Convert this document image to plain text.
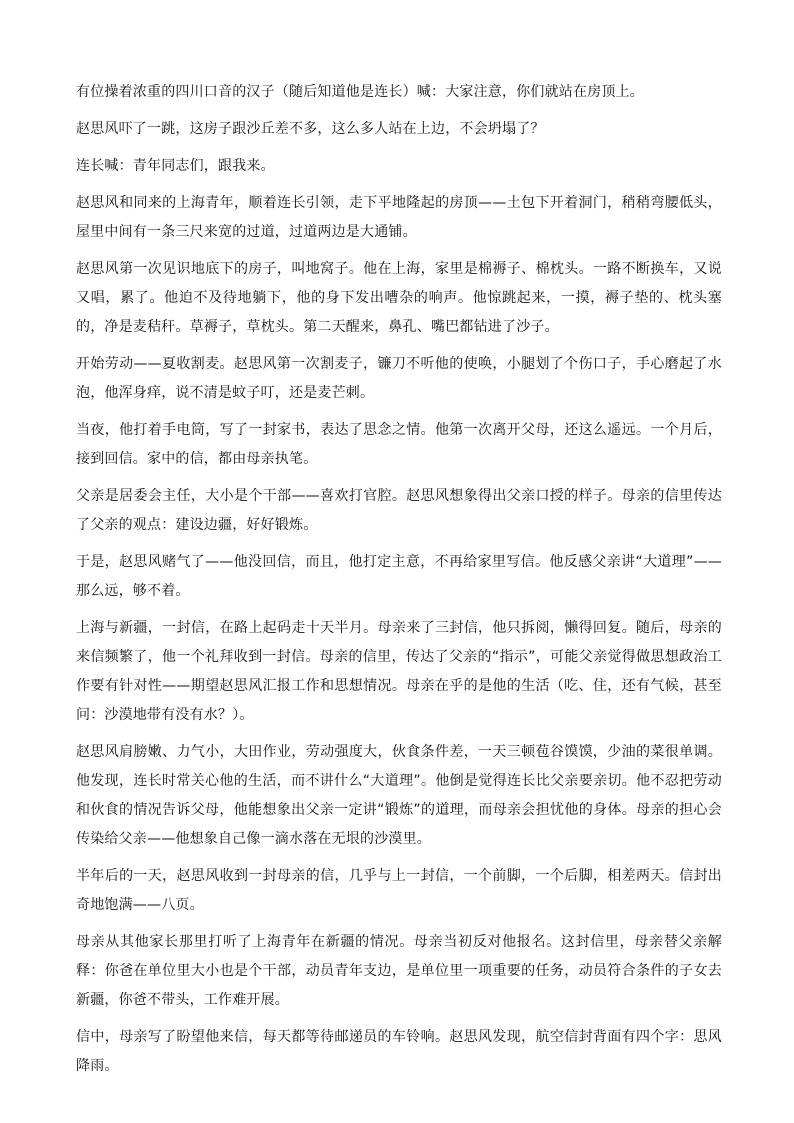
有位操着浓重的四川口音的汉子（随后知道他是连长）喊：大家注意，你们就站在房顶上。

赵思风吓了一跳，这房子跟沙丘差不多，这么多人站在上边，不会坍塌了？

连长喊：青年同志们，跟我来。

赵思风和同来的上海青年，顺着连长引领，走下平地隆起的房顶——土包下开着洞门，稍稍弯腰低头，屋里中间有一条三尺来宽的过道，过道两边是大通铺。

赵思风第一次见识地底下的房子，叫地窝子。他在上海，家里是棉褥子、棉枕头。一路不断换车，又说又唱，累了。他迫不及待地躺下，他的身下发出嘈杂的响声。他惊跳起来，一摸，褥子垫的、枕头塞的，净是麦秸秆。草褥子，草枕头。第二天醒来，鼻孔、嘴巴都钻进了沙子。

开始劳动——夏收割麦。赵思风第一次割麦子，镰刀不听他的使唤，小腿划了个伤口子，手心磨起了水泡，他浑身痒，说不清是蚊子叮，还是麦芒刺。

当夜，他打着手电筒，写了一封家书，表达了思念之情。他第一次离开父母，还这么遥远。一个月后，接到回信。家中的信，都由母亲执笔。

父亲是居委会主任，大小是个干部——喜欢打官腔。赵思风想象得出父亲口授的样子。母亲的信里传达了父亲的观点：建设边疆，好好锻炼。

于是，赵思风赌气了——他没回信，而且，他打定主意，不再给家里写信。他反感父亲讲“大道理”——那么远，够不着。

上海与新疆，一封信，在路上起码走十天半月。母亲来了三封信，他只拆阅，懒得回复。随后，母亲的来信频繁了，他一个礼拜收到一封信。母亲的信里，传达了父亲的“指示”，可能父亲觉得做思想政治工作要有针对性——期望赵思风汇报工作和思想情况。母亲在乎的是他的生活（吃、住，还有气候，甚至问：沙漠地带有没有水？）。

赵思风肩膀嫩、力气小，大田作业，劳动强度大，伙食条件差，一天三顿苞谷馍馍，少油的菜很单调。他发现，连长时常关心他的生活，而不讲什么“大道理”。他倒是觉得连长比父亲要亲切。他不忍把劳动和伙食的情况告诉父母，他能想象出父亲一定讲“锻炼”的道理，而母亲会担忧他的身体。母亲的担心会传染给父亲——他想象自己像一滴水落在无垠的沙漠里。

半年后的一天，赵思风收到一封母亲的信，几乎与上一封信，一个前脚，一个后脚，相差两天。信封出奇地饱满——八页。

母亲从其他家长那里打听了上海青年在新疆的情况。母亲当初反对他报名。这封信里，母亲替父亲解释：你爸在单位里大小也是个干部，动员青年支边，是单位里一项重要的任务，动员符合条件的子女去新疆，你爸不带头，工作难开展。

信中，母亲写了盼望他来信，每天都等待邮递员的车铃响。赵思风发现，航空信封背面有四个字：思风降雨。
